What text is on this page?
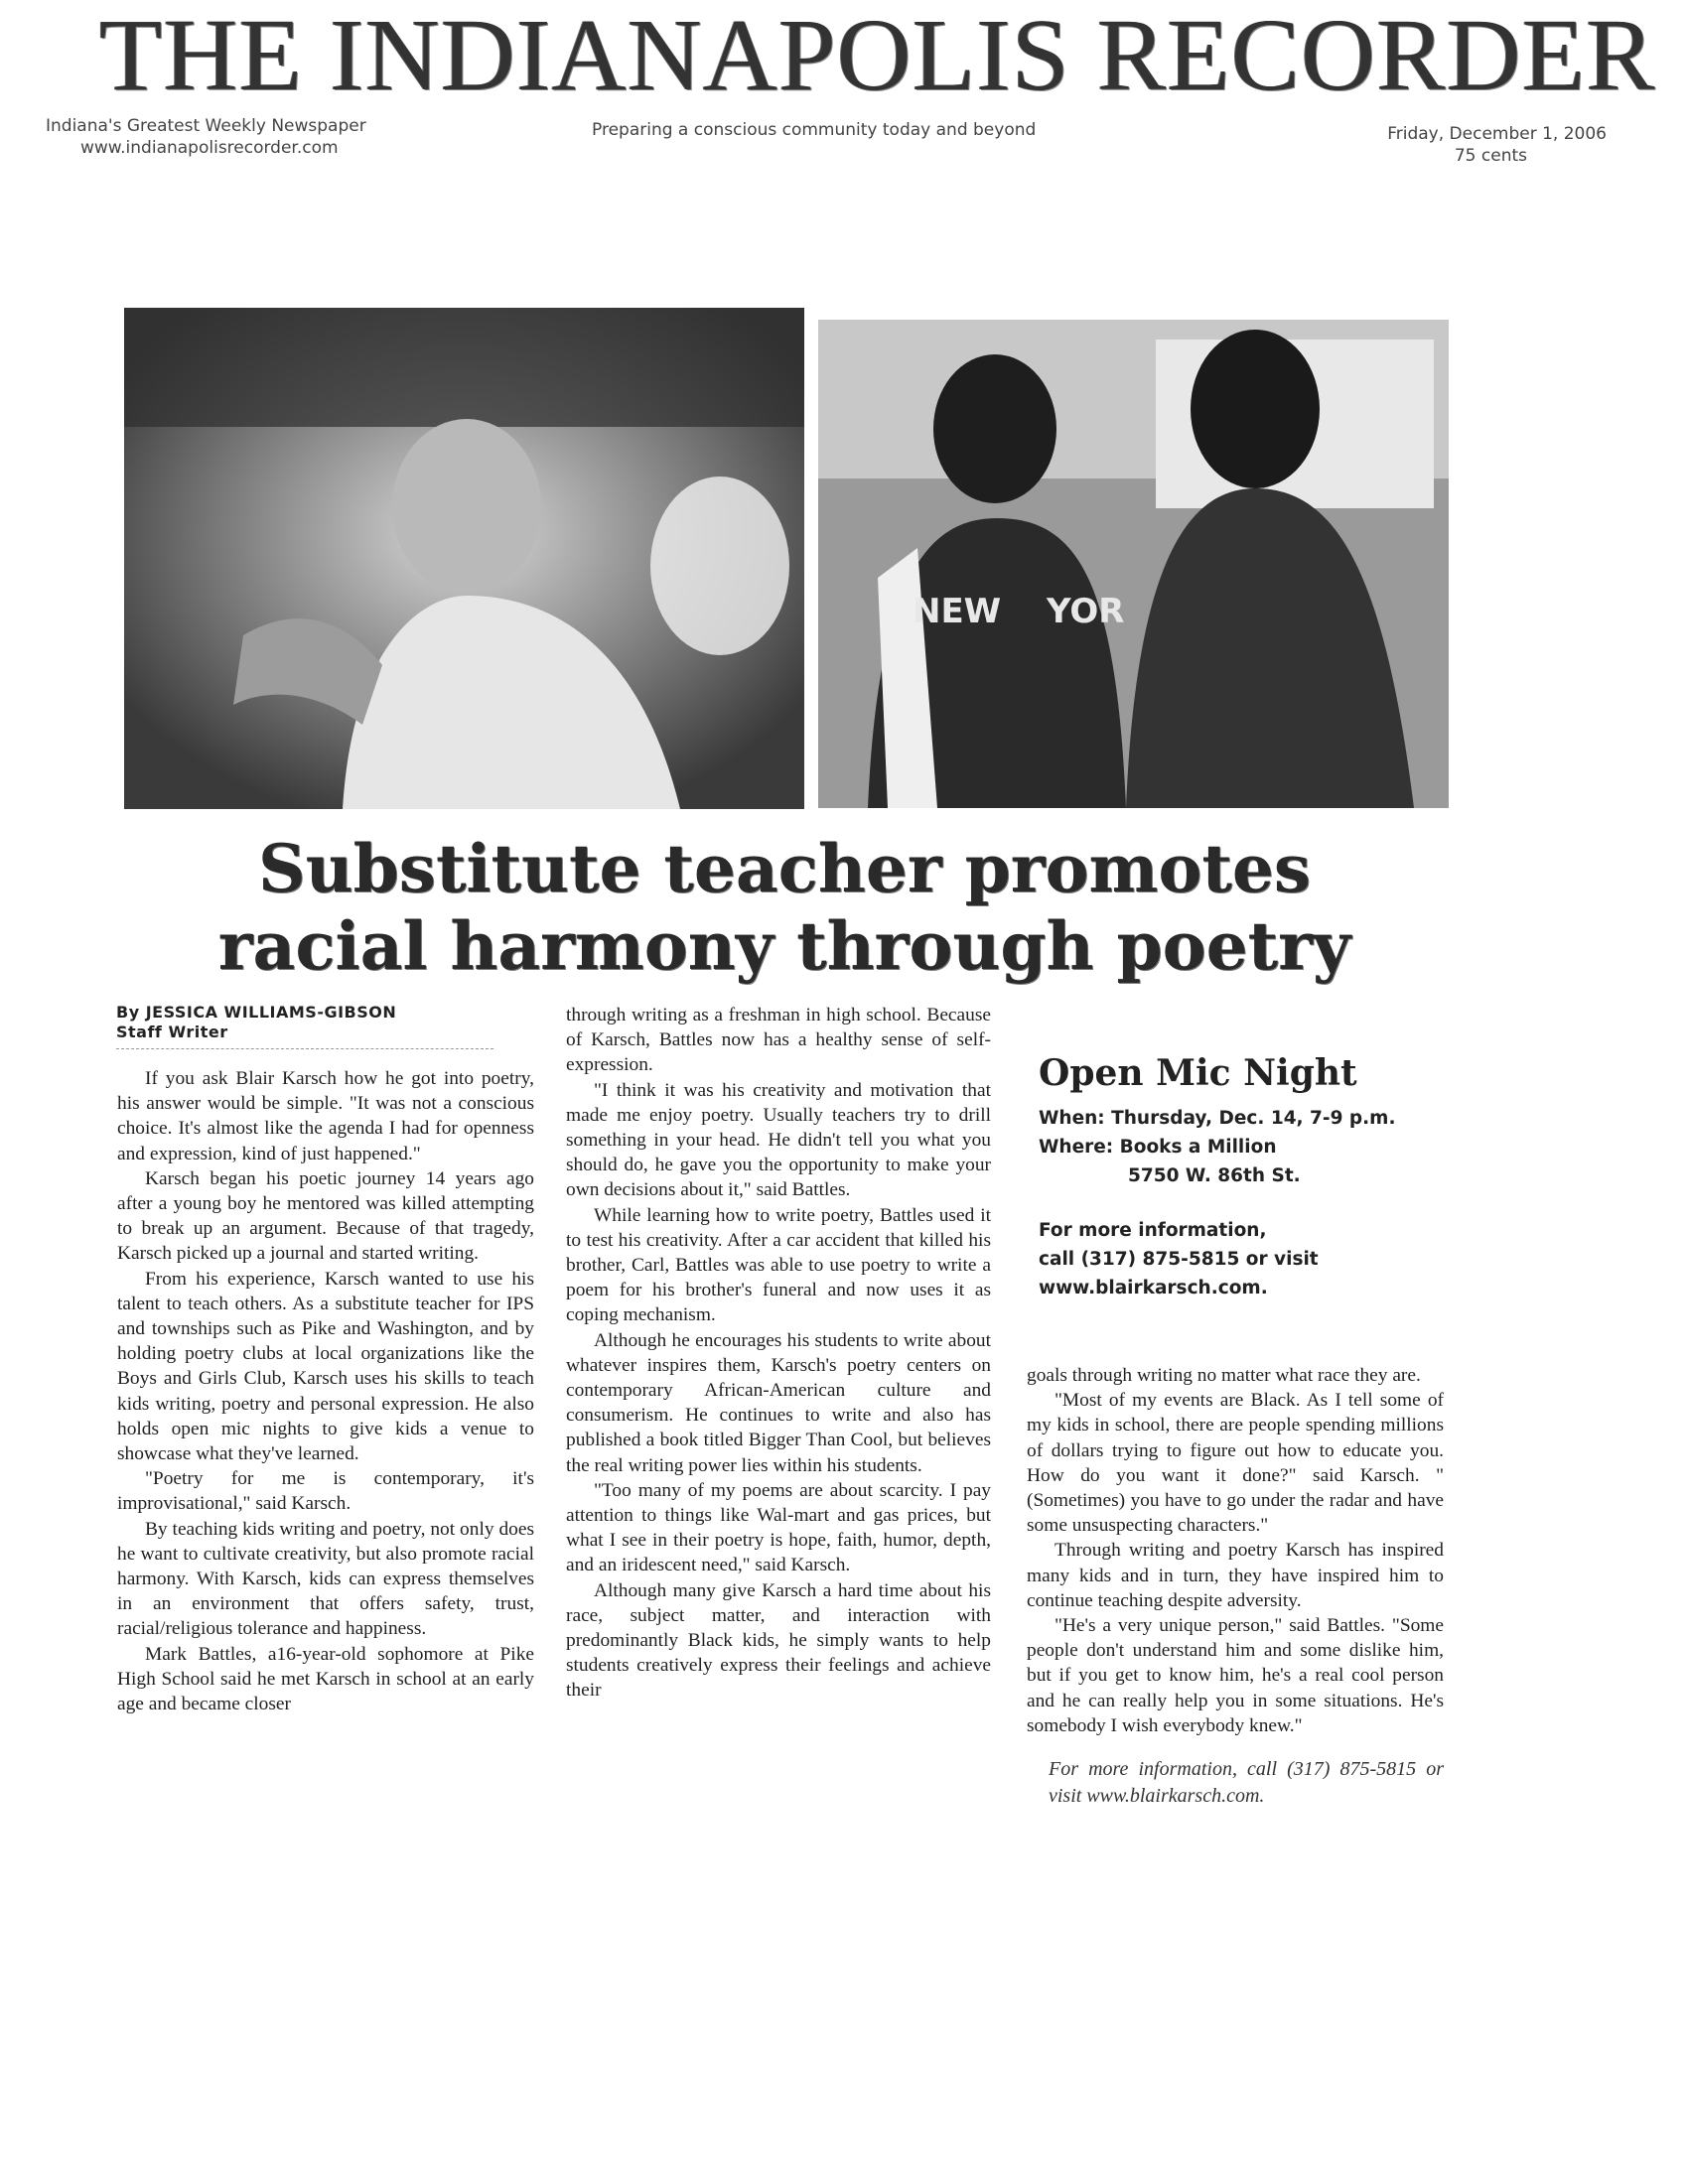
THE INDIANAPOLIS RECORDER
Indiana's Greatest Weekly Newspaper
www.indianapolisrecorder.com
Preparing a conscious community today and beyond	Friday, December 1, 2006
75 cents
NEW YOR
Substitute teacher promotes
racial harmony through poetry
By JESSICA WILLIAMS-GIBSON
Staff Writer

If you ask Blair Karsch how he got into poetry, his answer would be simple. "It was not a conscious choice. It's almost like the agenda I had for openness and expression, kind of just happened."

Karsch began his poetic journey 14 years ago after a young boy he mentored was killed attempting to break up an argument. Because of that tragedy, Karsch picked up a journal and started writing.

From his experience, Karsch wanted to use his talent to teach others. As a substitute teacher for IPS and townships such as Pike and Washington, and by holding poetry clubs at local organizations like the Boys and Girls Club, Karsch uses his skills to teach kids writing, poetry and personal expression. He also holds open mic nights to give kids a venue to showcase what they've learned.

"Poetry for me is contemporary, it's improvisational," said Karsch.

By teaching kids writing and poetry, not only does he want to cultivate creativity, but also promote racial harmony. With Karsch, kids can express themselves in an environment that offers safety, trust, racial/religious tolerance and happiness.

Mark Battles, a16-year-old sophomore at Pike High School said he met Karsch in school at an early age and became closer

through writing as a freshman in high school. Because of Karsch, Battles now has a healthy sense of self-expression.

"I think it was his creativity and motivation that made me enjoy poetry. Usually teachers try to drill something in your head. He didn't tell you what you should do, he gave you the opportunity to make your own decisions about it," said Battles.

While learning how to write poetry, Battles used it to test his creativity. After a car accident that killed his brother, Carl, Battles was able to use poetry to write a poem for his brother's funeral and now uses it as coping mechanism.

Although he encourages his students to write about whatever inspires them, Karsch's poetry centers on contemporary African-American culture and consumerism. He continues to write and also has published a book titled Bigger Than Cool, but believes the real writing power lies within his students.

"Too many of my poems are about scarcity. I pay attention to things like Wal-mart and gas prices, but what I see in their poetry is hope, faith, humor, depth, and an iridescent need," said Karsch.

Although many give Karsch a hard time about his race, subject matter, and interaction with predominantly Black kids, he simply wants to help students creatively express their feelings and achieve their

Open Mic Night
When: Thursday, Dec. 14, 7-9 p.m.
Where: Books a Million
5750 W. 86th St.
For more information,
call (317) 875-5815 or visit
www.blairkarsch.com.

goals through writing no matter what race they are.

"Most of my events are Black. As I tell some of my kids in school, there are people spending millions of dollars trying to figure out how to educate you. How do you want it done?" said Karsch. "(Sometimes) you have to go under the radar and have some unsuspecting characters."

Through writing and poetry Karsch has inspired many kids and in turn, they have inspired him to continue teaching despite adversity.

"He's a very unique person," said Battles. "Some people don't understand him and some dislike him, but if you get to know him, he's a real cool person and he can really help you in some situations. He's somebody I wish everybody knew."

For more information, call (317) 875-5815 or visit www.blairkarsch.com.
